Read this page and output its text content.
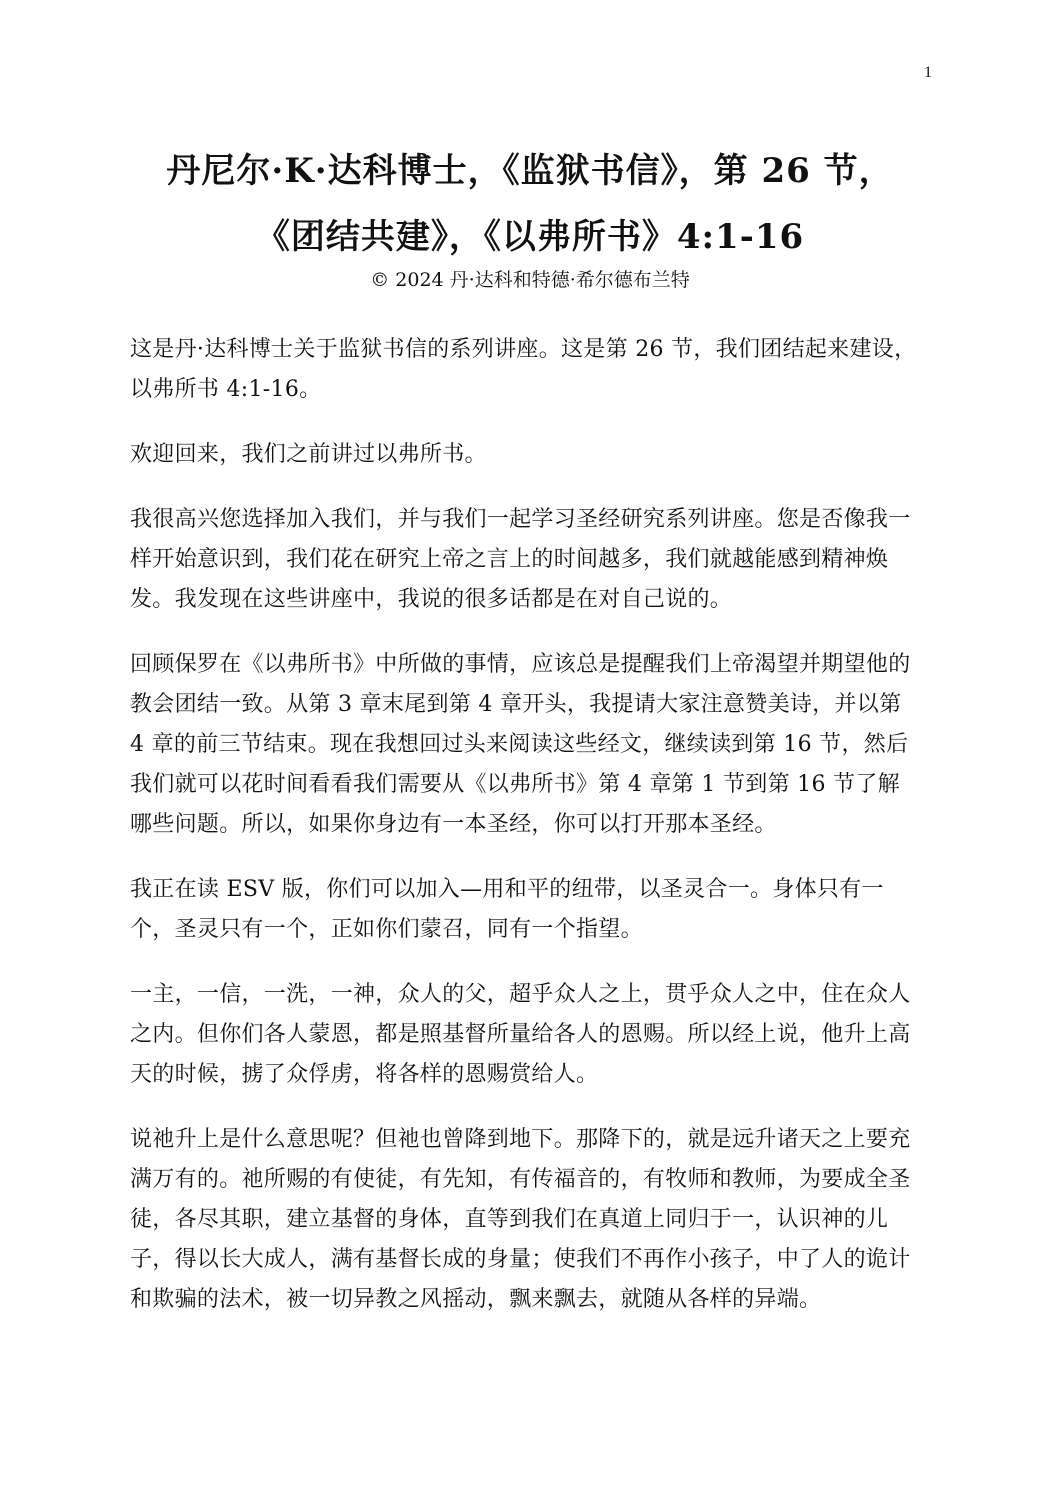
1
丹尼尔·K·达科博士，《监狱书信》，第 26 节，《团结共建》，《以弗所书》4:1-16
© 2024 丹·达科和特德·希尔德布兰特

这是丹·达科博士关于监狱书信的系列讲座。这是第 26 节，我们团结起来建设，以弗所书 4:1-16。

欢迎回来，我们之前讲过以弗所书。

我很高兴您选择加入我们，并与我们一起学习圣经研究系列讲座。您是否像我一样开始意识到，我们花在研究上帝之言上的时间越多，我们就越能感到精神焕发。我发现在这些讲座中，我说的很多话都是在对自己说的。

回顾保罗在《以弗所书》中所做的事情，应该总是提醒我们上帝渴望并期望他的教会团结一致。从第 3 章末尾到第 4 章开头，我提请大家注意赞美诗，并以第 4 章的前三节结束。现在我想回过头来阅读这些经文，继续读到第 16 节，然后我们就可以花时间看看我们需要从《以弗所书》第 4 章第 1 节到第 16 节了解哪些问题。所以，如果你身边有一本圣经，你可以打开那本圣经。

我正在读 ESV 版，你们可以加入—用和平的纽带，以圣灵合一。身体只有一个，圣灵只有一个，正如你们蒙召，同有一个指望。

一主，一信，一洗，一神，众人的父，超乎众人之上，贯乎众人之中，住在众人之内。但你们各人蒙恩，都是照基督所量给各人的恩赐。所以经上说，他升上高天的时候，掳了众俘虏，将各样的恩赐赏给人。

说祂升上是什么意思呢？但祂也曾降到地下。那降下的，就是远升诸天之上要充满万有的。祂所赐的有使徒，有先知，有传福音的，有牧师和教师，为要成全圣徒，各尽其职，建立基督的身体，直等到我们在真道上同归于一，认识神的儿子，得以长大成人，满有基督长成的身量；使我们不再作小孩子，中了人的诡计和欺骗的法术，被一切异教之风摇动，飘来飘去，就随从各样的异端。
